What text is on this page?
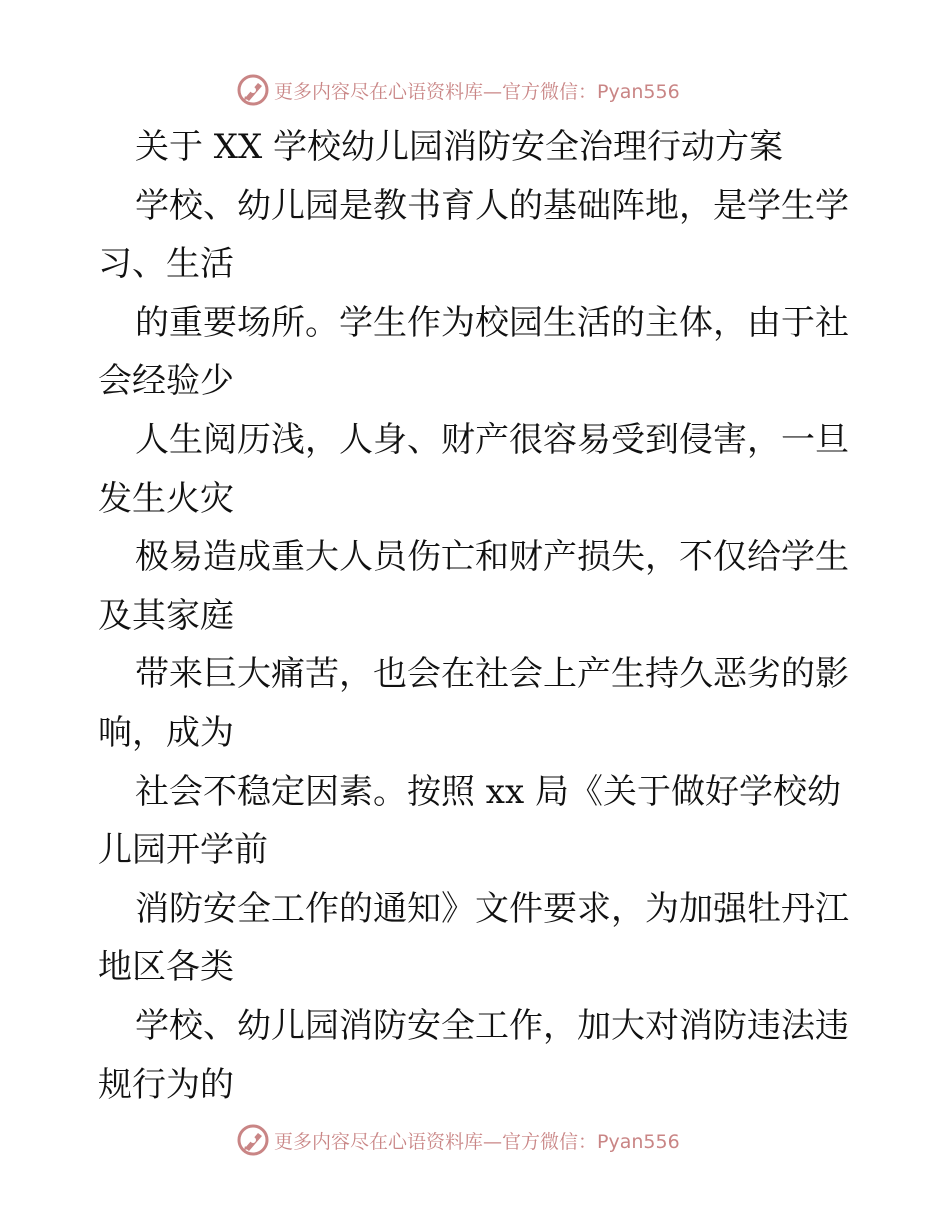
更多内容尽在心语资料库—官方微信：Pyan556
关于 XX 学校幼儿园消防安全治理行动方案
学校、幼儿园是教书育人的基础阵地，是学生学
习、生活
的重要场所。学生作为校园生活的主体，由于社
会经验少
人生阅历浅，人身、财产很容易受到侵害，一旦
发生火灾
极易造成重大人员伤亡和财产损失，不仅给学生
及其家庭
带来巨大痛苦，也会在社会上产生持久恶劣的影
响，成为
社会不稳定因素。按照 xx 局《关于做好学校幼
儿园开学前
消防安全工作的通知》文件要求，为加强牡丹江
地区各类
学校、幼儿园消防安全工作，加大对消防违法违
规行为的
更多内容尽在心语资料库—官方微信：Pyan556
